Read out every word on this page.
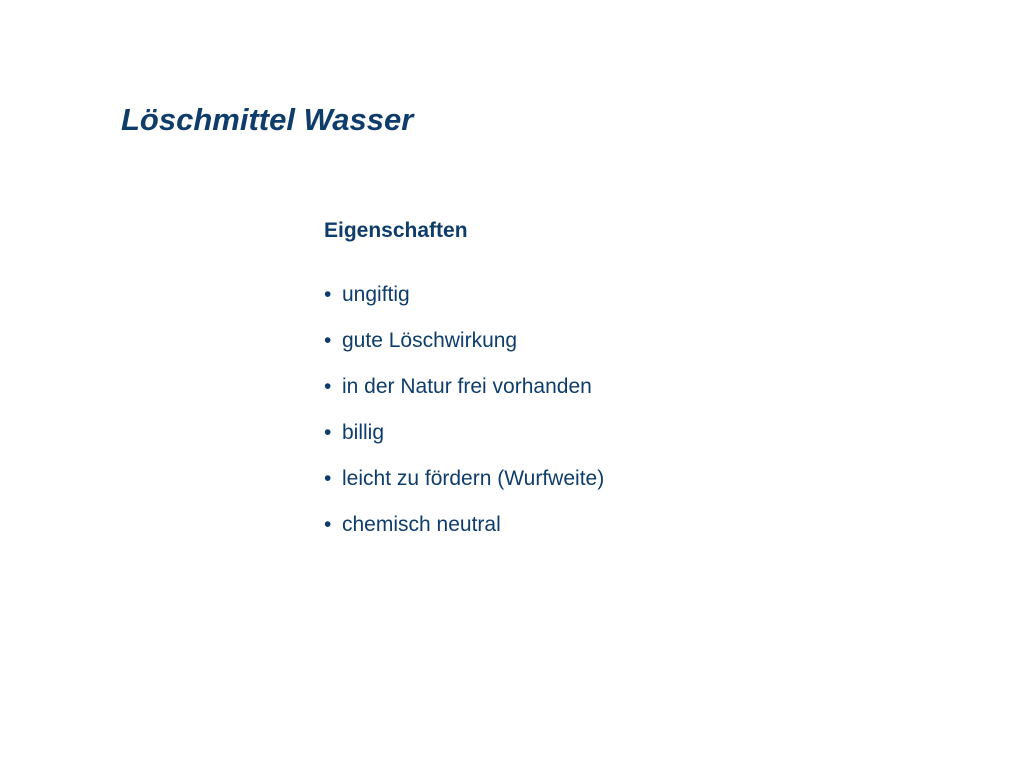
Löschmittel Wasser
Eigenschaften
• ungiftig
• gute Löschwirkung
• in der Natur frei vorhanden
• billig
• leicht zu fördern (Wurfweite)
• chemisch neutral
